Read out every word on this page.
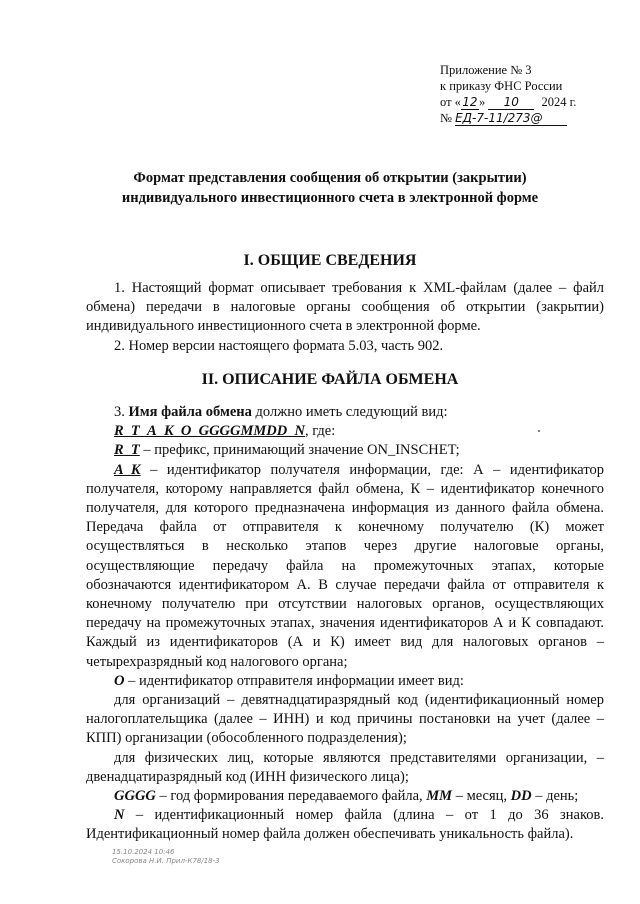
Приложение № 3
к приказу ФНС России
от «12» 10 2024 г.
№ ЕД-7-11/273@
Формат представления сообщения об открытии (закрытии)
индивидуального инвестиционного счета в электронной форме
I. ОБЩИЕ СВЕДЕНИЯ

1. Настоящий формат описывает требования к XML-файлам (далее – файл обмена) передачи в налоговые органы сообщения об открытии (закрытии) индивидуального инвестиционного счета в электронной форме.

2. Номер версии настоящего формата 5.03, часть 902.

II. ОПИСАНИЕ ФАЙЛА ОБМЕНА

3. Имя файла обмена должно иметь следующий вид:

R_T_A_K_O_GGGGMMDD_N, где:

R_T – префикс, принимающий значение ON_INSCHET;

A_K – идентификатор получателя информации, где: А – идентификатор получателя, которому направляется файл обмена, К – идентификатор конечного получателя, для которого предназначена информация из данного файла обмена. Передача файла от отправителя к конечному получателю (К) может осуществляться в несколько этапов через другие налоговые органы, осуществляющие передачу файла на промежуточных этапах, которые обозначаются идентификатором А. В случае передачи файла от отправителя к конечному получателю при отсутствии налоговых органов, осуществляющих передачу на промежуточных этапах, значения идентификаторов А и К совпадают. Каждый из идентификаторов (А и К) имеет вид для налоговых органов – четырехразрядный код налогового органа;

O – идентификатор отправителя информации имеет вид:

для организаций – девятнадцатиразрядный код (идентификационный номер налогоплательщика (далее – ИНН) и код причины постановки на учет (далее – КПП) организации (обособленного подразделения);

для физических лиц, которые являются представителями организации, – двенадцатиразрядный код (ИНН физического лица);

GGGG – год формирования передаваемого файла, MM – месяц, DD – день;

N – идентификационный номер файла (длина – от 1 до 36 знаков. Идентификационный номер файла должен обеспечивать уникальность файла).

15.10.2024 10:46
Сокорова Н.И. Прил-К78/18-3
